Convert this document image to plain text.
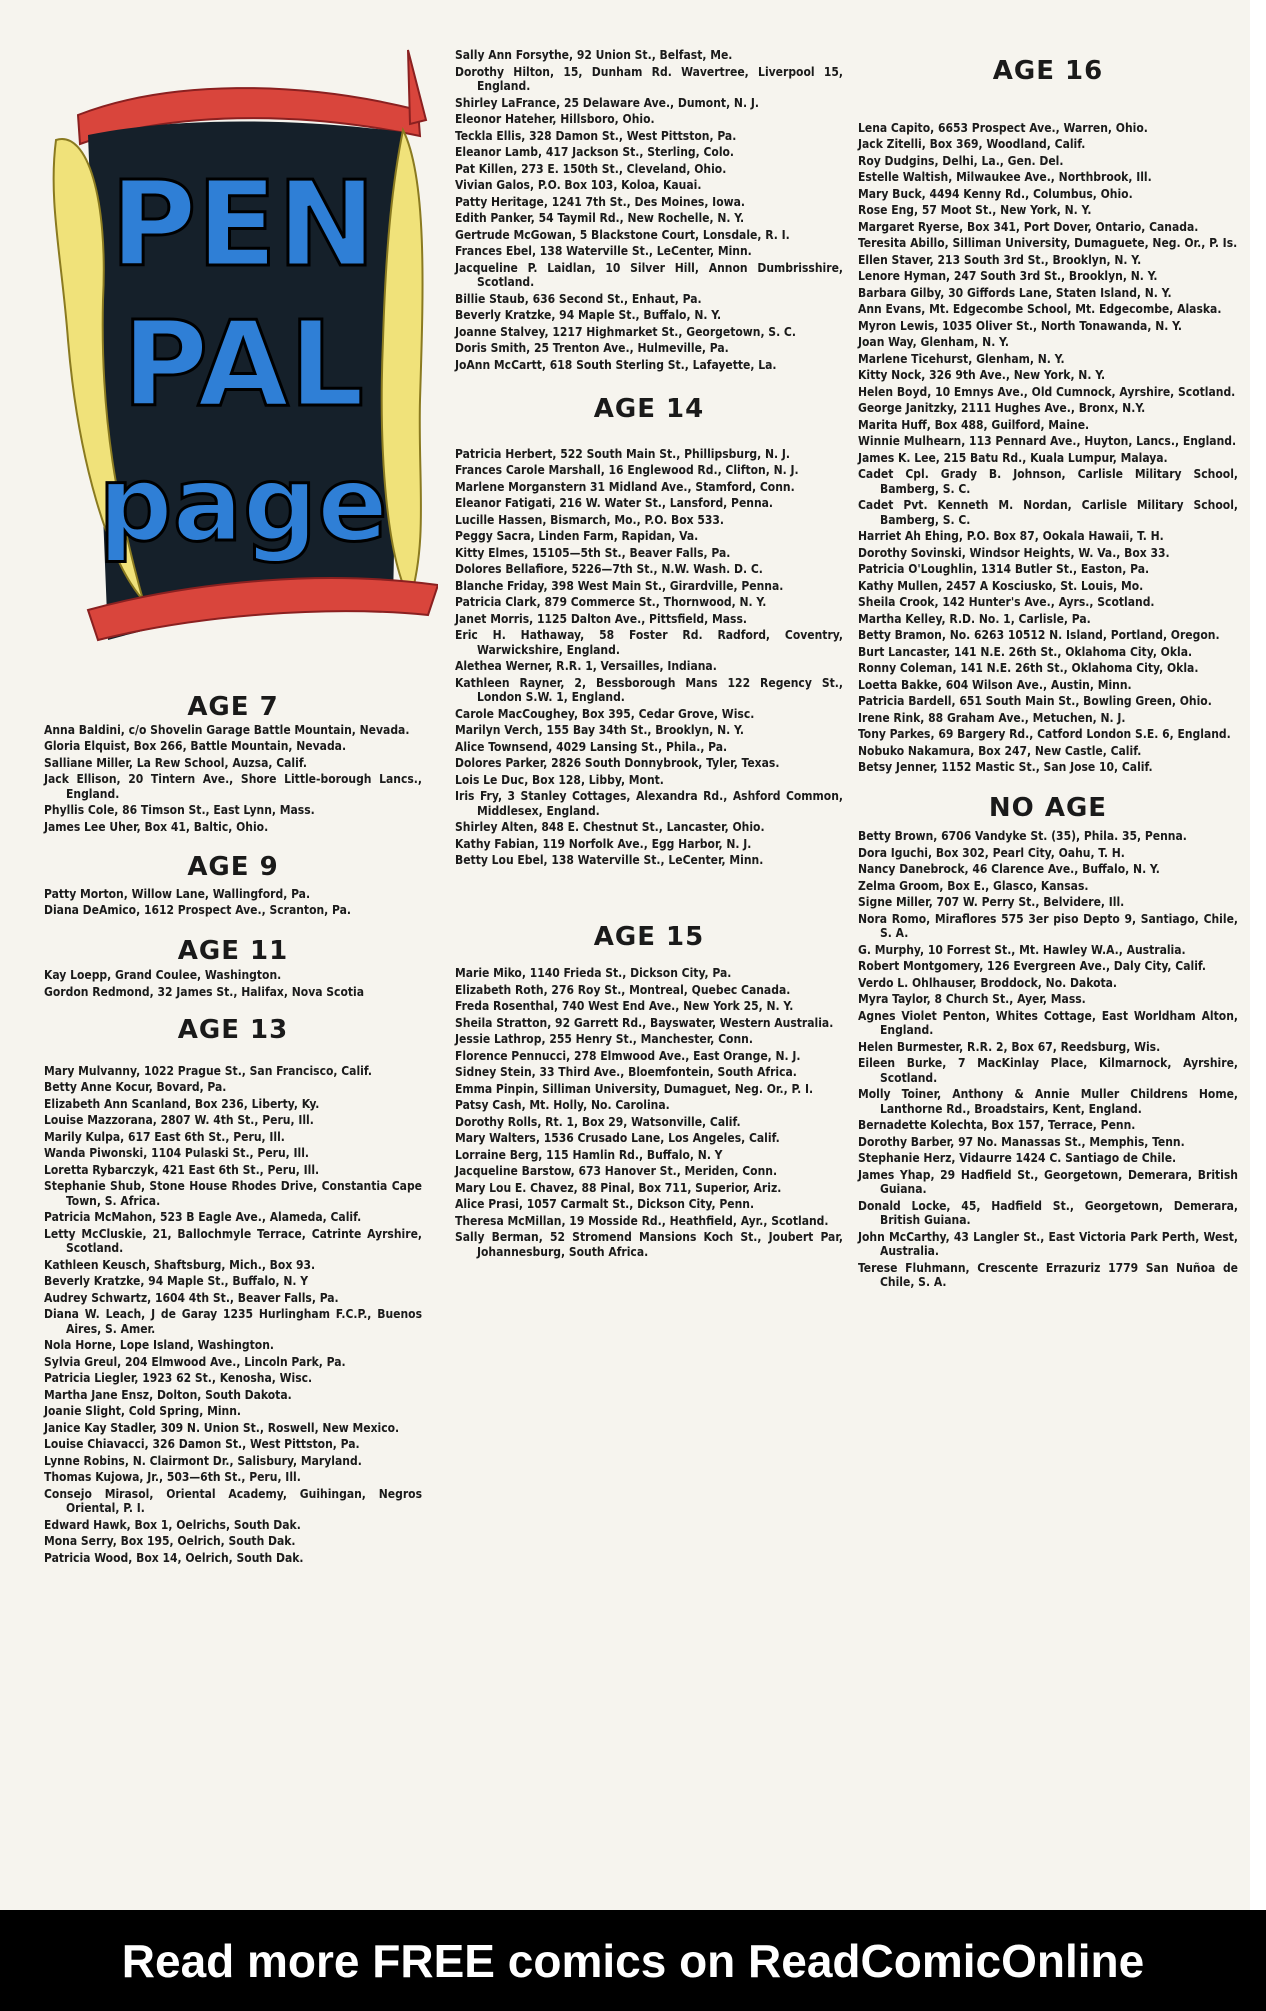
PEN
PAL
page
AGE 7
Anna Baldini, c/o Shovelin Garage Battle Mountain, Nevada.
Gloria Elquist, Box 266, Battle Mountain, Nevada.
Salliane Miller, La Rew School, Auzsa, Calif.
Jack Ellison, 20 Tintern Ave., Shore Little-borough Lancs., England.
Phyllis Cole, 86 Timson St., East Lynn, Mass.
James Lee Uher, Box 41, Baltic, Ohio.
AGE 9
Patty Morton, Willow Lane, Wallingford, Pa.
Diana DeAmico, 1612 Prospect Ave., Scranton, Pa.
AGE 11
Kay Loepp, Grand Coulee, Washington.
Gordon Redmond, 32 James St., Halifax, Nova Scotia
AGE 13
Mary Mulvanny, 1022 Prague St., San Francisco, Calif.
Betty Anne Kocur, Bovard, Pa.
Elizabeth Ann Scanland, Box 236, Liberty, Ky.
Louise Mazzorana, 2807 W. 4th St., Peru, Ill.
Marily Kulpa, 617 East 6th St., Peru, Ill.
Wanda Piwonski, 1104 Pulaski St., Peru, Ill.
Loretta Rybarczyk, 421 East 6th St., Peru, Ill.
Stephanie Shub, Stone House Rhodes Drive, Constantia Cape Town, S. Africa.
Patricia McMahon, 523 B Eagle Ave., Alameda, Calif.
Letty McCluskie, 21, Ballochmyle Terrace, Catrinte Ayrshire, Scotland.
Kathleen Keusch, Shaftsburg, Mich., Box 93.
Beverly Kratzke, 94 Maple St., Buffalo, N. Y
Audrey Schwartz, 1604 4th St., Beaver Falls, Pa.
Diana W. Leach, J de Garay 1235 Hurlingham F.C.P., Buenos Aires, S. Amer.
Nola Horne, Lope Island, Washington.
Sylvia Greul, 204 Elmwood Ave., Lincoln Park, Pa.
Patricia Liegler, 1923 62 St., Kenosha, Wisc.
Martha Jane Ensz, Dolton, South Dakota.
Joanie Slight, Cold Spring, Minn.
Janice Kay Stadler, 309 N. Union St., Roswell, New Mexico.
Louise Chiavacci, 326 Damon St., West Pittston, Pa.
Lynne Robins, N. Clairmont Dr., Salisbury, Maryland.
Thomas Kujowa, Jr., 503—6th St., Peru, Ill.
Consejo Mirasol, Oriental Academy, Guihingan, Negros Oriental, P. I.
Edward Hawk, Box 1, Oelrichs, South Dak.
Mona Serry, Box 195, Oelrich, South Dak.
Patricia Wood, Box 14, Oelrich, South Dak.
Sally Ann Forsythe, 92 Union St., Belfast, Me.
Dorothy Hilton, 15, Dunham Rd. Wavertree, Liverpool 15, England.
Shirley LaFrance, 25 Delaware Ave., Dumont, N. J.
Eleonor Hateher, Hillsboro, Ohio.
Teckla Ellis, 328 Damon St., West Pittston, Pa.
Eleanor Lamb, 417 Jackson St., Sterling, Colo.
Pat Killen, 273 E. 150th St., Cleveland, Ohio.
Vivian Galos, P.O. Box 103, Koloa, Kauai.
Patty Heritage, 1241 7th St., Des Moines, Iowa.
Edith Panker, 54 Taymil Rd., New Rochelle, N. Y.
Gertrude McGowan, 5 Blackstone Court, Lonsdale, R. I.
Frances Ebel, 138 Waterville St., LeCenter, Minn.
Jacqueline P. Laidlan, 10 Silver Hill, Annon Dumbrisshire, Scotland.
Billie Staub, 636 Second St., Enhaut, Pa.
Beverly Kratzke, 94 Maple St., Buffalo, N. Y.
Joanne Stalvey, 1217 Highmarket St., Georgetown, S. C.
Doris Smith, 25 Trenton Ave., Hulmeville, Pa.
JoAnn McCartt, 618 South Sterling St., Lafayette, La.
AGE 14
Patricia Herbert, 522 South Main St., Phillipsburg, N. J.
Frances Carole Marshall, 16 Englewood Rd., Clifton, N. J.
Marlene Morganstern 31 Midland Ave., Stamford, Conn.
Eleanor Fatigati, 216 W. Water St., Lansford, Penna.
Lucille Hassen, Bismarch, Mo., P.O. Box 533.
Peggy Sacra, Linden Farm, Rapidan, Va.
Kitty Elmes, 15105—5th St., Beaver Falls, Pa.
Dolores Bellafiore, 5226—7th St., N.W. Wash. D. C.
Blanche Friday, 398 West Main St., Girardville, Penna.
Patricia Clark, 879 Commerce St., Thornwood, N. Y.
Janet Morris, 1125 Dalton Ave., Pittsfield, Mass.
Eric H. Hathaway, 58 Foster Rd. Radford, Coventry, Warwickshire, England.
Alethea Werner, R.R. 1, Versailles, Indiana.
Kathleen Rayner, 2, Bessborough Mans 122 Regency St., London S.W. 1, England.
Carole MacCoughey, Box 395, Cedar Grove, Wisc.
Marilyn Verch, 155 Bay 34th St., Brooklyn, N. Y.
Alice Townsend, 4029 Lansing St., Phila., Pa.
Dolores Parker, 2826 South Donnybrook, Tyler, Texas.
Lois Le Duc, Box 128, Libby, Mont.
Iris Fry, 3 Stanley Cottages, Alexandra Rd., Ashford Common, Middlesex, England.
Shirley Alten, 848 E. Chestnut St., Lancaster, Ohio.
Kathy Fabian, 119 Norfolk Ave., Egg Harbor, N. J.
Betty Lou Ebel, 138 Waterville St., LeCenter, Minn.
AGE 15
Marie Miko, 1140 Frieda St., Dickson City, Pa.
Elizabeth Roth, 276 Roy St., Montreal, Quebec Canada.
Freda Rosenthal, 740 West End Ave., New York 25, N. Y.
Sheila Stratton, 92 Garrett Rd., Bayswater, Western Australia.
Jessie Lathrop, 255 Henry St., Manchester, Conn.
Florence Pennucci, 278 Elmwood Ave., East Orange, N. J.
Sidney Stein, 33 Third Ave., Bloemfontein, South Africa.
Emma Pinpin, Silliman University, Dumaguet, Neg. Or., P. I.
Patsy Cash, Mt. Holly, No. Carolina.
Dorothy Rolls, Rt. 1, Box 29, Watsonville, Calif.
Mary Walters, 1536 Crusado Lane, Los Angeles, Calif.
Lorraine Berg, 115 Hamlin Rd., Buffalo, N. Y
Jacqueline Barstow, 673 Hanover St., Meriden, Conn.
Mary Lou E. Chavez, 88 Pinal, Box 711, Superior, Ariz.
Alice Prasi, 1057 Carmalt St., Dickson City, Penn.
Theresa McMillan, 19 Mosside Rd., Heathfield, Ayr., Scotland.
Sally Berman, 52 Stromend Mansions Koch St., Joubert Par, Johannesburg, South Africa.
AGE 16
Lena Capito, 6653 Prospect Ave., Warren, Ohio.
Jack Zitelli, Box 369, Woodland, Calif.
Roy Dudgins, Delhi, La., Gen. Del.
Estelle Waltish, Milwaukee Ave., Northbrook, Ill.
Mary Buck, 4494 Kenny Rd., Columbus, Ohio.
Rose Eng, 57 Moot St., New York, N. Y.
Margaret Ryerse, Box 341, Port Dover, Ontario, Canada.
Teresita Abillo, Silliman University, Dumaguete, Neg. Or., P. Is.
Ellen Staver, 213 South 3rd St., Brooklyn, N. Y.
Lenore Hyman, 247 South 3rd St., Brooklyn, N. Y.
Barbara Gilby, 30 Giffords Lane, Staten Island, N. Y.
Ann Evans, Mt. Edgecombe School, Mt. Edgecombe, Alaska.
Myron Lewis, 1035 Oliver St., North Tonawanda, N. Y.
Joan Way, Glenham, N. Y.
Marlene Ticehurst, Glenham, N. Y.
Kitty Nock, 326 9th Ave., New York, N. Y.
Helen Boyd, 10 Emnys Ave., Old Cumnock, Ayrshire, Scotland.
George Janitzky, 2111 Hughes Ave., Bronx, N.Y.
Marita Huff, Box 488, Guilford, Maine.
Winnie Mulhearn, 113 Pennard Ave., Huyton, Lancs., England.
James K. Lee, 215 Batu Rd., Kuala Lumpur, Malaya.
Cadet Cpl. Grady B. Johnson, Carlisle Military School, Bamberg, S. C.
Cadet Pvt. Kenneth M. Nordan, Carlisle Military School, Bamberg, S. C.
Harriet Ah Ehing, P.O. Box 87, Ookala Hawaii, T. H.
Dorothy Sovinski, Windsor Heights, W. Va., Box 33.
Patricia O'Loughlin, 1314 Butler St., Easton, Pa.
Kathy Mullen, 2457 A Kosciusko, St. Louis, Mo.
Sheila Crook, 142 Hunter's Ave., Ayrs., Scotland.
Martha Kelley, R.D. No. 1, Carlisle, Pa.
Betty Bramon, No. 6263 10512 N. Island, Portland, Oregon.
Burt Lancaster, 141 N.E. 26th St., Oklahoma City, Okla.
Ronny Coleman, 141 N.E. 26th St., Oklahoma City, Okla.
Loetta Bakke, 604 Wilson Ave., Austin, Minn.
Patricia Bardell, 651 South Main St., Bowling Green, Ohio.
Irene Rink, 88 Graham Ave., Metuchen, N. J.
Tony Parkes, 69 Bargery Rd., Catford London S.E. 6, England.
Nobuko Nakamura, Box 247, New Castle, Calif.
Betsy Jenner, 1152 Mastic St., San Jose 10, Calif.
NO AGE
Betty Brown, 6706 Vandyke St. (35), Phila. 35, Penna.
Dora Iguchi, Box 302, Pearl City, Oahu, T. H.
Nancy Danebrock, 46 Clarence Ave., Buffalo, N. Y.
Zelma Groom, Box E., Glasco, Kansas.
Signe Miller, 707 W. Perry St., Belvidere, Ill.
Nora Romo, Miraflores 575 3er piso Depto 9, Santiago, Chile, S. A.
G. Murphy, 10 Forrest St., Mt. Hawley W.A., Australia.
Robert Montgomery, 126 Evergreen Ave., Daly City, Calif.
Verdo L. Ohlhauser, Broddock, No. Dakota.
Myra Taylor, 8 Church St., Ayer, Mass.
Agnes Violet Penton, Whites Cottage, East Worldham Alton, England.
Helen Burmester, R.R. 2, Box 67, Reedsburg, Wis.
Eileen Burke, 7 MacKinlay Place, Kilmarnock, Ayrshire, Scotland.
Molly Toiner, Anthony & Annie Muller Childrens Home, Lanthorne Rd., Broadstairs, Kent, England.
Bernadette Kolechta, Box 157, Terrace, Penn.
Dorothy Barber, 97 No. Manassas St., Memphis, Tenn.
Stephanie Herz, Vidaurre 1424 C. Santiago de Chile.
James Yhap, 29 Hadfield St., Georgetown, Demerara, British Guiana.
Donald Locke, 45, Hadfield St., Georgetown, Demerara, British Guiana.
John McCarthy, 43 Langler St., East Victoria Park Perth, West, Australia.
Terese Fluhmann, Crescente Errazuriz 1779 San Nuñoa de Chile, S. A.
Read more FREE comics on ReadComicOnline
